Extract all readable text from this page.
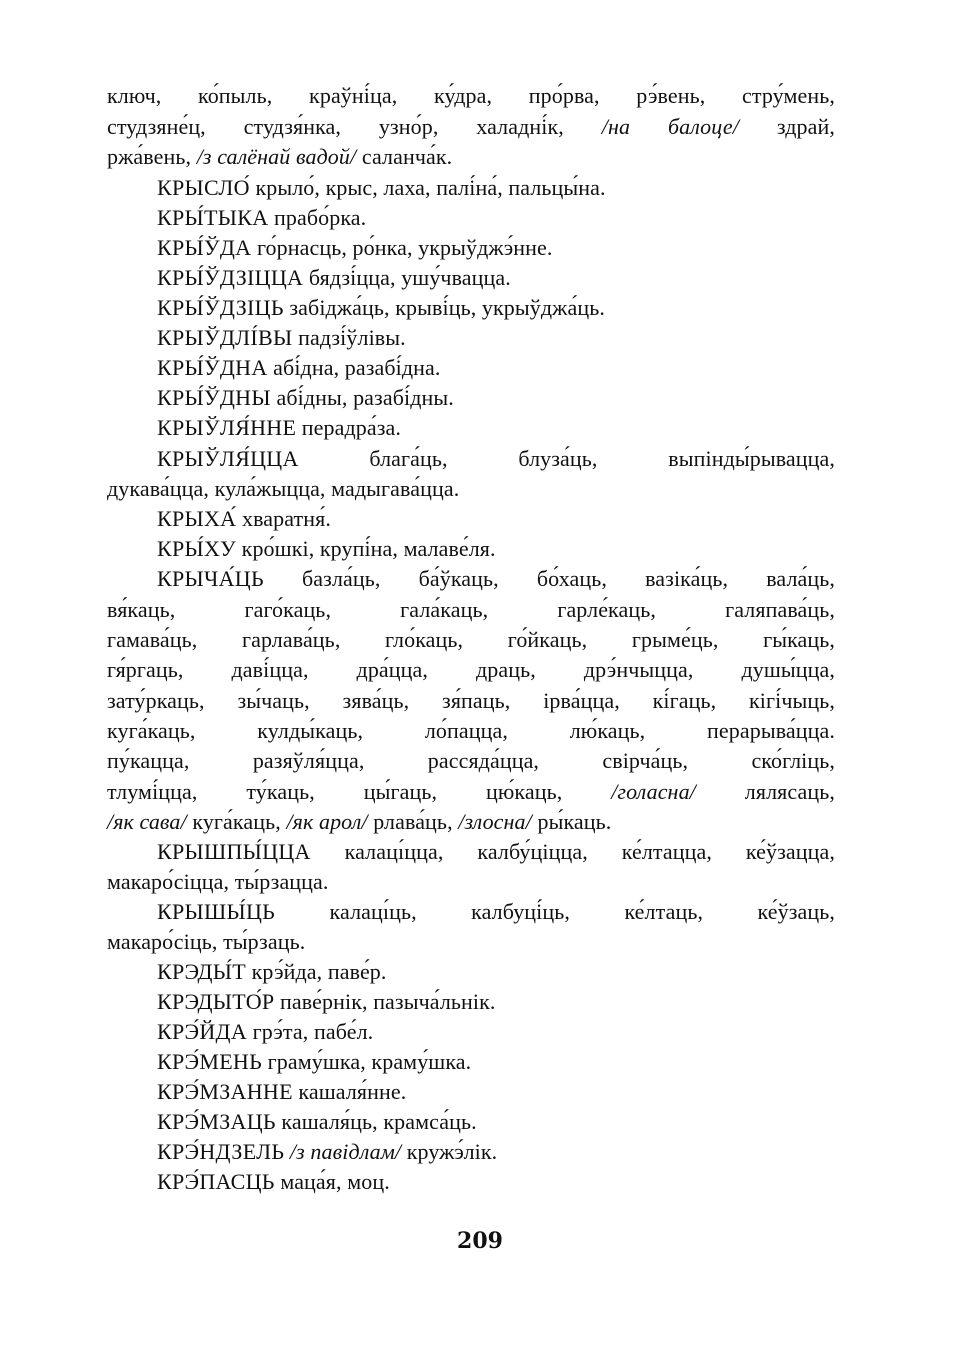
ключ, ко́пыль, краўні́ца, ку́дра, про́рва, рэ́вень, стру́мень,
студзяне́ц, студзя́нка, узно́р, халадні́к, /на балоце/ здрай,
ржа́вень, /з салёнай вадой/ саланча́к.
КРЫСЛО́ крыло́, крыс, лаха, палі́на́, пальцы́на.
КРЫ́ТЫКА прабо́рка.
КРЫ́ЎДА го́рнасць, ро́нка, укрыўджэ́нне.
КРЫ́ЎДЗІЦЦА бядзі́цца, ушу́чвацца.
КРЫ́ЎДЗІЦЬ забіджа́ць, крыві́ць, укрыўджа́ць.
КРЫЎДЛІ́ВЫ падзі́ўлівы.
КРЫ́ЎДНА абі́дна, разабі́дна.
КРЫ́ЎДНЫ абі́дны, разабі́дны.
КРЫЎЛЯ́ННЕ перадра́за.
КРЫЎЛЯ́ЦЦА блага́ць, блуза́ць, выпінды́рывацца,
дукава́цца, кула́жыцца, мадыгава́цца.
КРЫХА́ хваратня́.
КРЫ́ХУ кро́шкі, крупі́на, малаве́ля.
КРЫЧА́ЦЬ базла́ць, ба́ўкаць, бо́хаць, вазіка́ць, вала́ць,
вя́каць, гаго́каць, гала́каць, гарле́каць, галяпава́ць,
гамава́ць, гарлава́ць, гло́каць, го́йкаць, грыме́ць, гы́каць,
гя́ргаць, даві́цца, дра́цца, драць, дрэ́нчыцца, душы́цца,
зату́ркаць, зы́чаць, зява́ць, зя́паць, ірва́цца, кі́гаць, кігі́чыць,
куга́каць, кулды́каць, ло́пацца, лю́каць, перарыва́цца.
пу́кацца, разяўля́цца, рассяда́цца, свірча́ць, ско́гліць,
тлумі́цца, ту́каць, цы́гаць, цю́каць, /голасна/ лялясаць,
/як сава/ куга́каць, /як арол/ рлава́ць, /злосна/ ры́каць.
КРЫШПЫ́ЦЦА калацı́цца, калбу́ціцца, ке́лтацца, ке́ўзацца,
макаро́сіцца, ты́рзацца.
КРЫШЫ́ЦЬ калацı́ць, калбуці́ць, ке́лтаць, ке́ўзаць,
макаро́сіць, ты́рзаць.
КРЭДЫ́Т крэ́йда, паве́р.
КРЭДЫТО́Р паве́рнік, пазыча́льнік.
КРЭ́ЙДА грэ́та, пабе́л.
КРЭ́МЕНЬ граму́шка, краму́шка.
КРЭ́МЗАННЕ кашаля́нне.
КРЭ́МЗАЦЬ кашаля́ць, крамса́ць.
КРЭ́НДЗЕЛЬ /з павідлам/ кружэ́лік.
КРЭ́ПАСЦЬ маца́я, моц.
209
